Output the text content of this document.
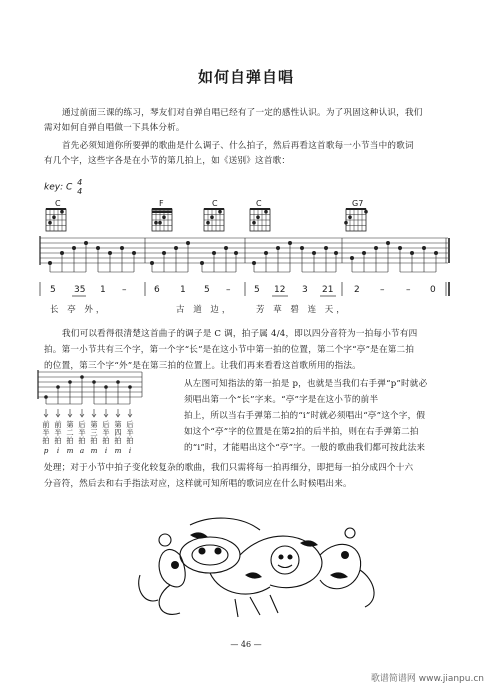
如何自弹自唱
通过前面三课的练习，琴友们对自弹自唱已经有了一定的感性认识。为了巩固这种认识，我们
需对如何自弹自唱做一下具体分析。
首先必须知道你所要弹的歌曲是什么调子、什么拍子，然后再看这首歌每一小节当中的歌词
有几个字，这些字各是在小节的第几拍上，如《送别》这首歌：
key: C 4
4
C	F	C	C	G7
5 35 1 –	6 1 5 –	5 12 3 21 2 – – 0
长 亭 外，	古 道 边，	芳 草 碧 连 天，
我们可以看得很清楚这首曲子的调子是 C 调，拍子属 4/4，即以四分音符为一拍每小节有四
拍。第一小节共有三个字，第一个字“长”是在这小节中第一拍的位置，第二个字“亭”是在第二拍
的位置，第三个字“外”是在第三拍的位置上。让我们再来看看这首歌所用的指法。
从左图可知指法的第一拍是 p，也就是当我们右手弹“p”时就必
须唱出第一个“长”字来。“亭”字是在这小节的前半
拍上，所以当右手弹第二拍的“i”时就必须唱出“亭”这个字，假
如这个“亭”字的位置是在第2拍的后半拍，则在右手弹第二拍
的“i”时，才能唱出这个“亭”字。一般的歌曲我们都可按此法来
前
半
拍
前
半
拍
第
二
拍
后
半
拍
第
三
拍
后
半
拍
第
四
拍
后
半
拍
p	i	m a m	i	m	i
处理；对于小节中拍子变化较复杂的歌曲，我们只需将每一拍再细分，即把每一拍分成四个十六
分音符，然后去和右手指法对应，这样就可知所唱的歌词应在什么时候唱出来。
— 46 —
歌谱简谱网 www.jianpu.cn
